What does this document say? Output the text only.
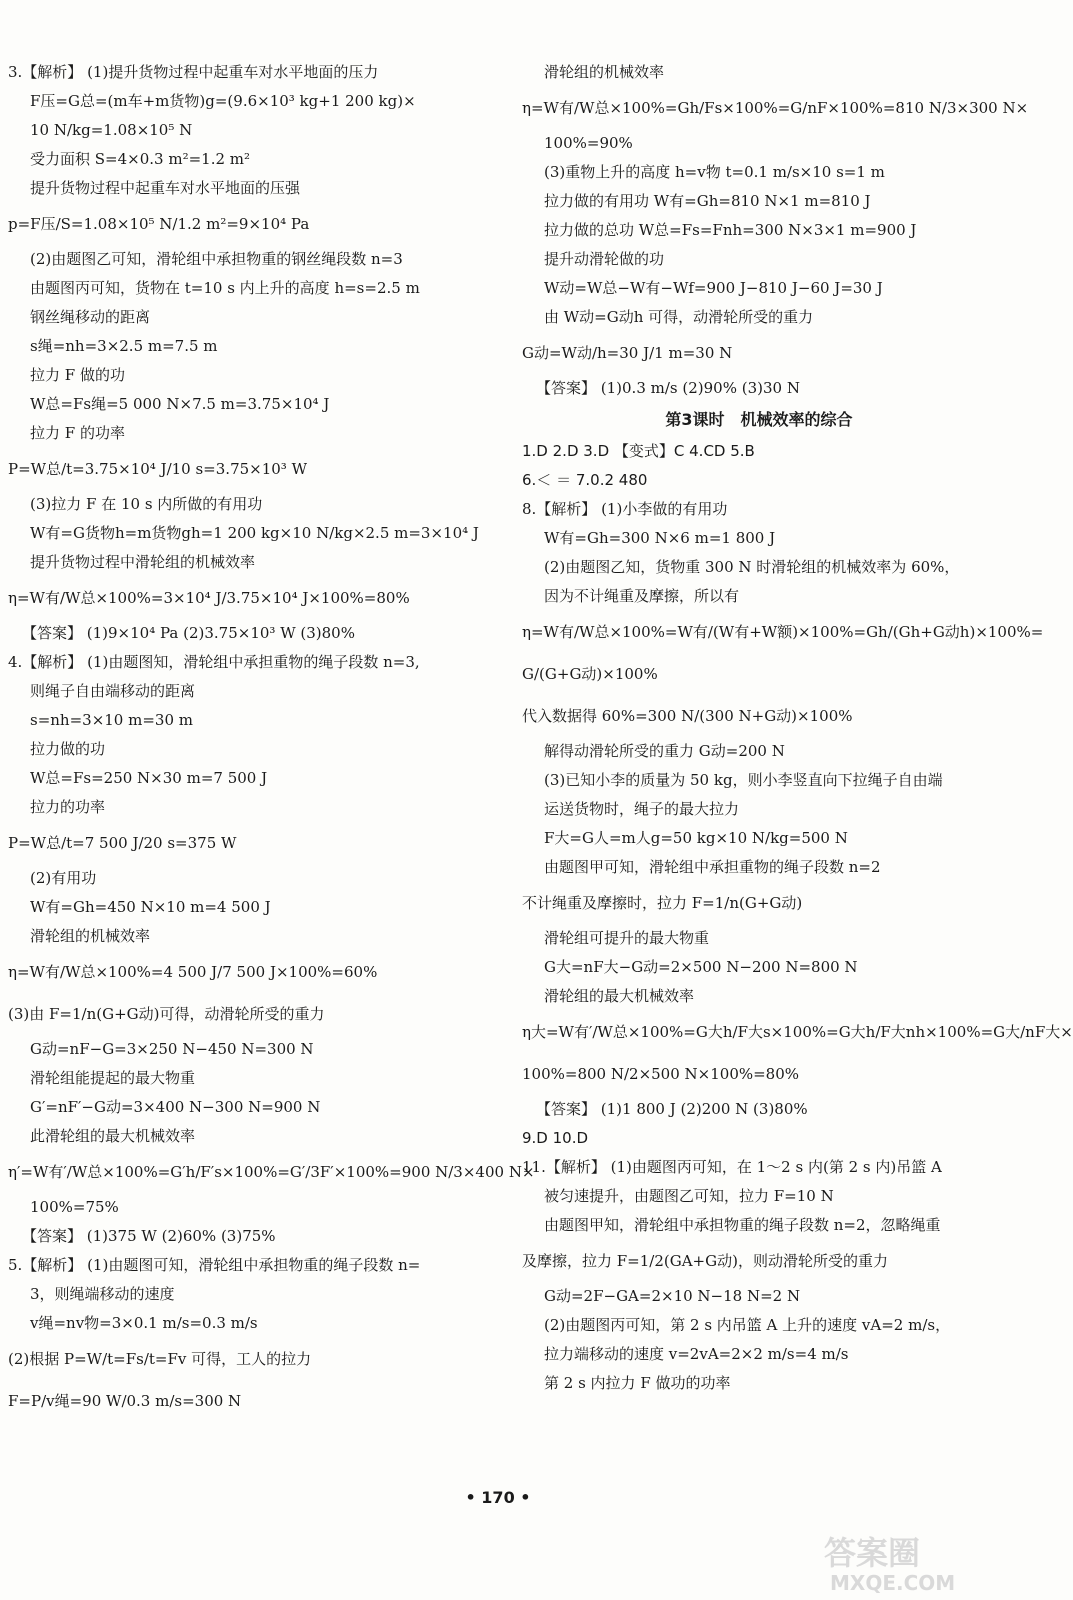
3.【解析】 (1)提升货物过程中起重车对水平地面的压力
F压=G总=(m车+m货物)g=(9.6×10³ kg+1 200 kg)×
10 N/kg=1.08×10⁵ N
受力面积 S=4×0.3 m²=1.2 m²
提升货物过程中起重车对水平地面的压强
p=F压/S=1.08×10⁵ N/1.2 m²=9×10⁴ Pa
(2)由题图乙可知，滑轮组中承担物重的钢丝绳段数 n=3
由题图丙可知，货物在 t=10 s 内上升的高度 h=s=2.5 m
钢丝绳移动的距离
s绳=nh=3×2.5 m=7.5 m
拉力 F 做的功
W总=Fs绳=5 000 N×7.5 m=3.75×10⁴ J
拉力 F 的功率
P=W总/t=3.75×10⁴ J/10 s=3.75×10³ W
(3)拉力 F 在 10 s 内所做的有用功
W有=G货物h=m货物gh=1 200 kg×10 N/kg×2.5 m=3×10⁴ J
提升货物过程中滑轮组的机械效率
η=W有/W总×100%=3×10⁴ J/3.75×10⁴ J×100%=80%
【答案】 (1)9×10⁴ Pa (2)3.75×10³ W (3)80%
4.【解析】 (1)由题图知，滑轮组中承担重物的绳子段数 n=3,
则绳子自由端移动的距离
s=nh=3×10 m=30 m
拉力做的功
W总=Fs=250 N×30 m=7 500 J
拉力的功率
P=W总/t=7 500 J/20 s=375 W
(2)有用功
W有=Gh=450 N×10 m=4 500 J
滑轮组的机械效率
η=W有/W总×100%=4 500 J/7 500 J×100%=60%
(3)由 F=1/n(G+G动)可得，动滑轮所受的重力
G动=nF−G=3×250 N−450 N=300 N
滑轮组能提起的最大物重
G′=nF′−G动=3×400 N−300 N=900 N
此滑轮组的最大机械效率
η′=W有′/W总×100%=G′h/F′s×100%=G′/3F′×100%=900 N/3×400 N×
100%=75%
【答案】 (1)375 W (2)60% (3)75%
5.【解析】 (1)由题图可知，滑轮组中承担物重的绳子段数 n=
3，则绳端移动的速度
v绳=nv物=3×0.1 m/s=0.3 m/s
(2)根据 P=W/t=Fs/t=Fv 可得，工人的拉力
F=P/v绳=90 W/0.3 m/s=300 N
滑轮组的机械效率
η=W有/W总×100%=Gh/Fs×100%=G/nF×100%=810 N/3×300 N×
100%=90%
(3)重物上升的高度 h=v物 t=0.1 m/s×10 s=1 m
拉力做的有用功 W有=Gh=810 N×1 m=810 J
拉力做的总功 W总=Fs=Fnh=300 N×3×1 m=900 J
提升动滑轮做的功
W动=W总−W有−Wf=900 J−810 J−60 J=30 J
由 W动=G动h 可得，动滑轮所受的重力
G动=W动/h=30 J/1 m=30 N
【答案】 (1)0.3 m/s (2)90% (3)30 N
第3课时　机械效率的综合
1.D 2.D 3.D 【变式】C 4.CD 5.B
6.＜ ＝ 7.0.2 480
8.【解析】 (1)小李做的有用功
W有=Gh=300 N×6 m=1 800 J
(2)由题图乙知，货物重 300 N 时滑轮组的机械效率为 60%，
因为不计绳重及摩擦，所以有
η=W有/W总×100%=W有/(W有+W额)×100%=Gh/(Gh+G动h)×100%=
G/(G+G动)×100%
代入数据得 60%=300 N/(300 N+G动)×100%
解得动滑轮所受的重力 G动=200 N
(3)已知小李的质量为 50 kg，则小李竖直向下拉绳子自由端
运送货物时，绳子的最大拉力
F大=G人=m人g=50 kg×10 N/kg=500 N
由题图甲可知，滑轮组中承担重物的绳子段数 n=2
不计绳重及摩擦时，拉力 F=1/n(G+G动)
滑轮组可提升的最大物重
G大=nF大−G动=2×500 N−200 N=800 N
滑轮组的最大机械效率
η大=W有′/W总×100%=G大h/F大s×100%=G大h/F大nh×100%=G大/nF大×
100%=800 N/2×500 N×100%=80%
【答案】 (1)1 800 J (2)200 N (3)80%
9.D 10.D
11.【解析】 (1)由题图丙可知，在 1～2 s 内(第 2 s 内)吊篮 A
被匀速提升，由题图乙可知，拉力 F=10 N
由题图甲知，滑轮组中承担物重的绳子段数 n=2，忽略绳重
及摩擦，拉力 F=1/2(GA+G动)，则动滑轮所受的重力
G动=2F−GA=2×10 N−18 N=2 N
(2)由题图丙可知，第 2 s 内吊篮 A 上升的速度 vA=2 m/s，
拉力端移动的速度 v=2vA=2×2 m/s=4 m/s
第 2 s 内拉力 F 做功的功率
• 170 •
答案圈
MXQE.COM
